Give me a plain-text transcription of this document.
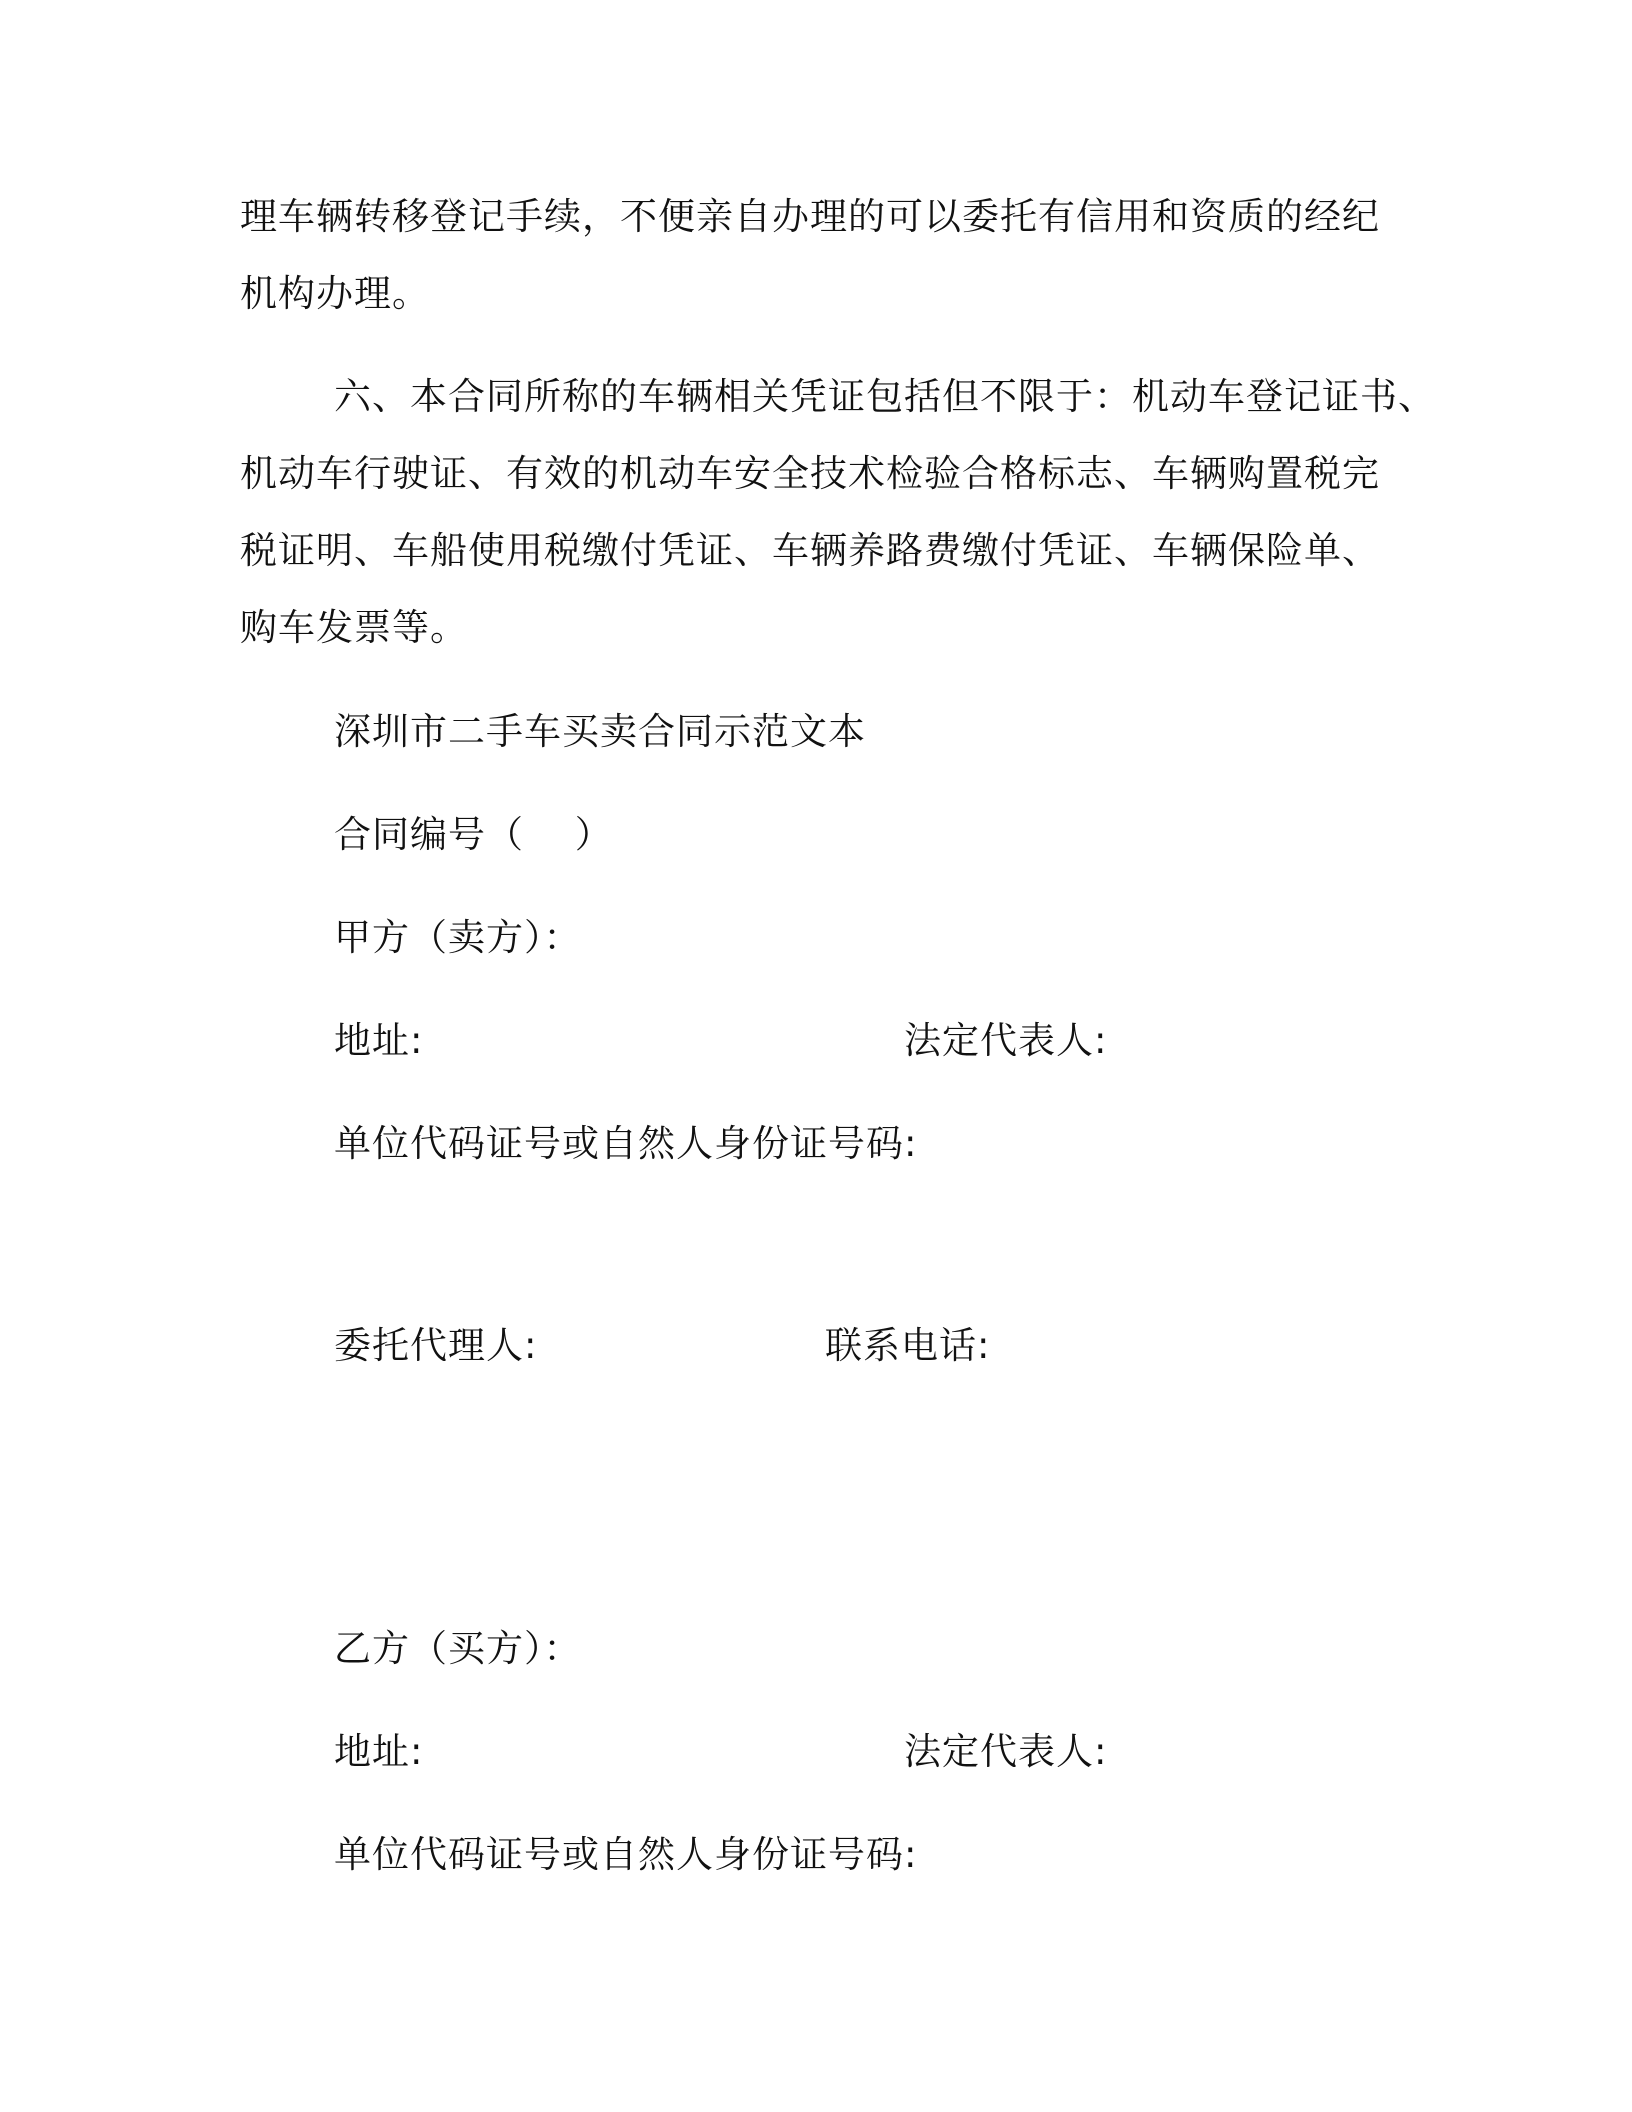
理车辆转移登记手续，不便亲自办理的可以委托有信用和资质的经纪
机构办理。
六、本合同所称的车辆相关凭证包括但不限于：机动车登记证书、
机动车行驶证、有效的机动车安全技术检验合格标志、车辆购置税完
税证明、车船使用税缴付凭证、车辆养路费缴付凭证、车辆保险单、
购车发票等。
深圳市二手车买卖合同示范文本
合同编号（　 ）
甲方（卖方）：
地址:	法定代表人:
单位代码证号或自然人身份证号码:
委托代理人:	联系电话:
乙方（买方）：
地址:	法定代表人:
单位代码证号或自然人身份证号码:
